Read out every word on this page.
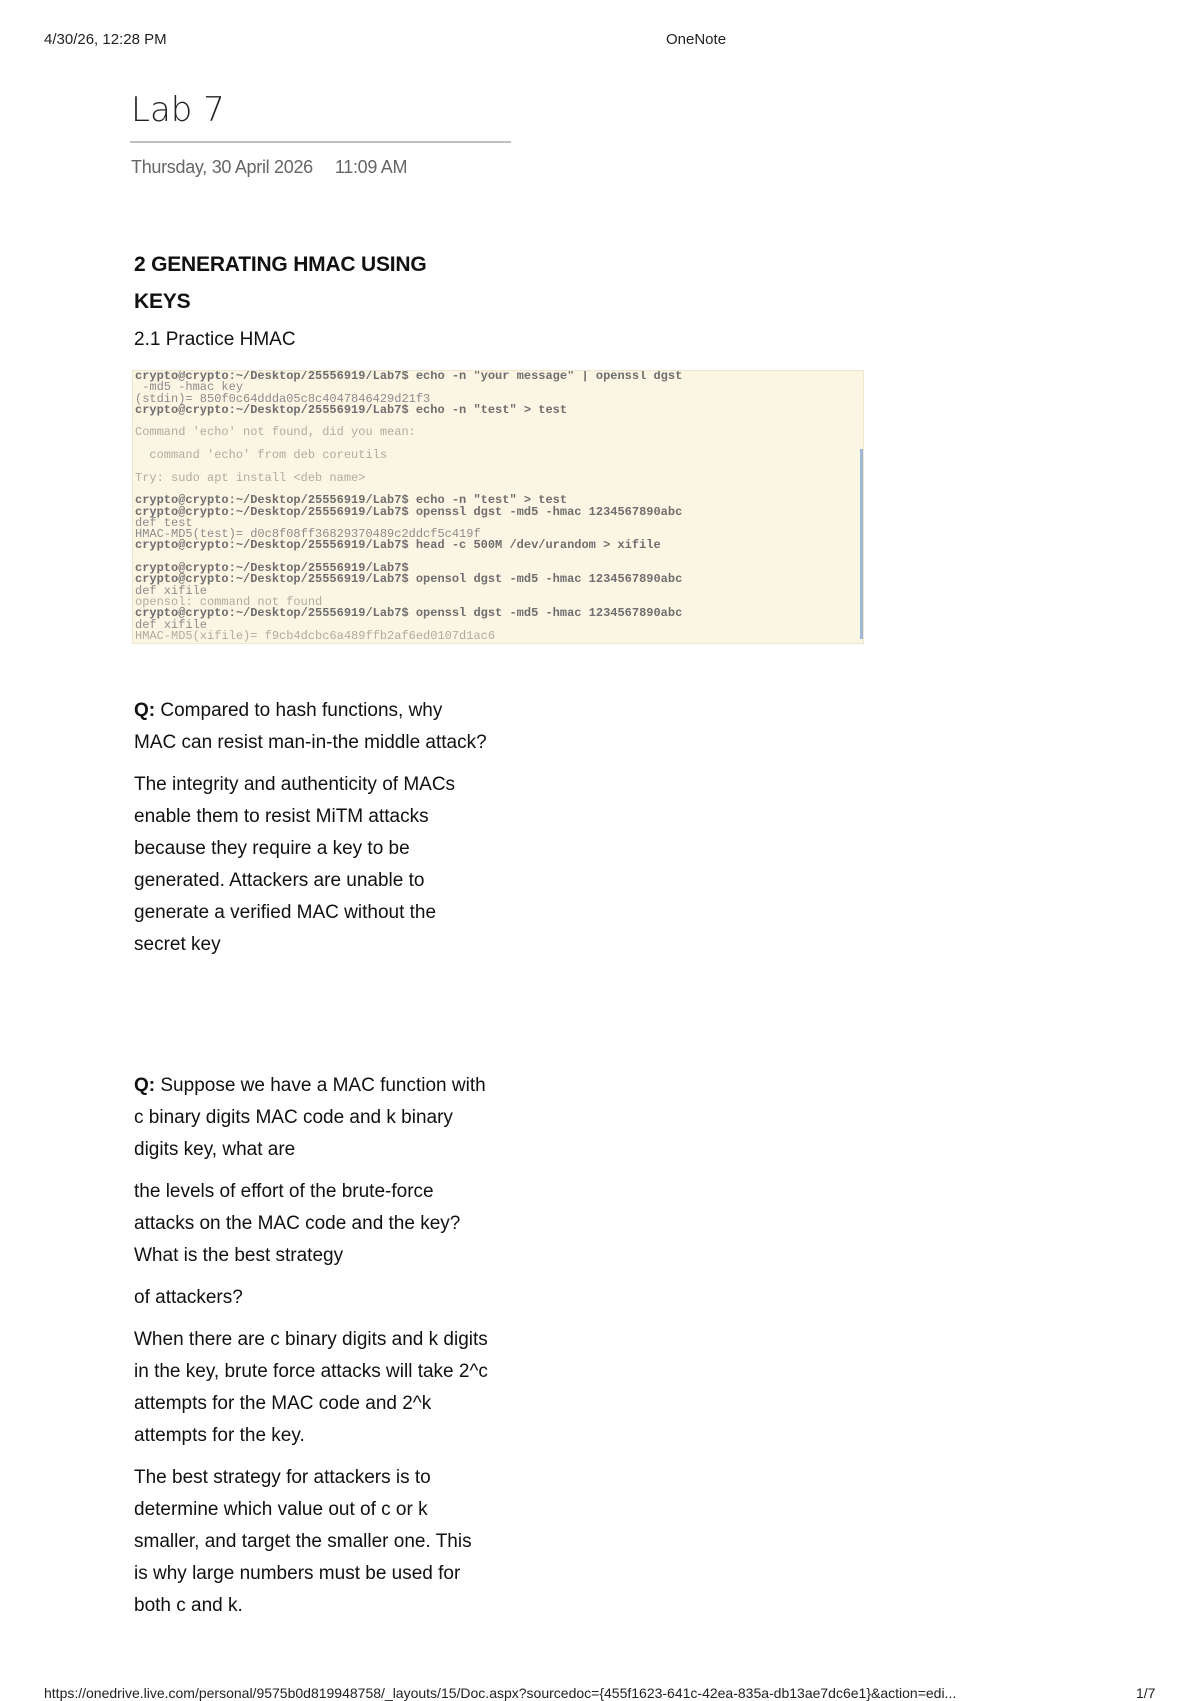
4/30/26, 12:28 PM	OneNote
Lab 7
Thursday, 30 April 2026 11:09 AM

2 GENERATING HMAC USING
KEYS

2.1 Practice HMAC

crypto@crypto:~/Desktop/25556919/Lab7$ echo -n "your message" | openssl dgst
-md5 -hmac key
(stdin)= 850f0c64ddda05c8c4047846429d21f3
crypto@crypto:~/Desktop/25556919/Lab7$ echo -n "test" > test
Command 'echo' not found, did you mean:
command 'echo' from deb coreutils
Try: sudo apt install <deb name>
crypto@crypto:~/Desktop/25556919/Lab7$ echo -n "test" > test
crypto@crypto:~/Desktop/25556919/Lab7$ openssl dgst -md5 -hmac 1234567890abc
def test
HMAC-MD5(test)= d0c8f08ff36829370489c2ddcf5c419f
crypto@crypto:~/Desktop/25556919/Lab7$ head -c 500M /dev/urandom > xifile
crypto@crypto:~/Desktop/25556919/Lab7$
crypto@crypto:~/Desktop/25556919/Lab7$ opensol dgst -md5 -hmac 1234567890abc
def xifile
opensol: command not found
crypto@crypto:~/Desktop/25556919/Lab7$ openssl dgst -md5 -hmac 1234567890abc
def xifile
HMAC-MD5(xifile)= f9cb4dcbc6a489ffb2af6ed0107d1ac6

Q: Compared to hash functions, why MAC can resist man-in-the middle attack?

The integrity and authenticity of MACs enable them to resist MiTM attacks because they require a key to be generated. Attackers are unable to generate a verified MAC without the secret key

Q: Suppose we have a MAC function with c binary digits MAC code and k binary digits key, what are

the levels of effort of the brute-force attacks on the MAC code and the key? What is the best strategy

of attackers?

When there are c binary digits and k digits in the key, brute force attacks will take 2^c attempts for the MAC code and 2^k attempts for the key.

The best strategy for attackers is to determine which value out of c or k smaller, and target the smaller one. This is why large numbers must be used for both c and k.

https://onedrive.live.com/personal/9575b0d819948758/_layouts/15/Doc.aspx?sourcedoc={455f1623-641c-42ea-835a-db13ae7dc6e1}&action=edi...	1/7
